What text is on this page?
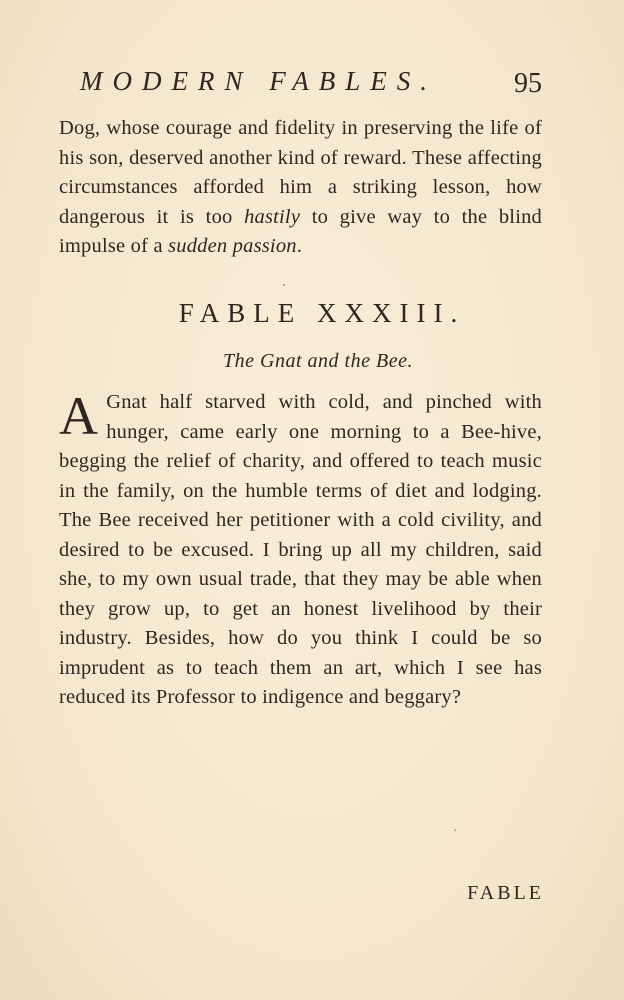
MODERN FABLES.	95

Dog, whose courage and fidelity in preserving the life of his son, deserved another kind of reward. These affecting circumstances afforded him a striking lesson, how dangerous it is too hastily to give way to the blind impulse of a sudden passion.

FABLE XXXIII.
The Gnat and the Bee.

A Gnat half starved with cold, and pinched with hunger, came early one morning to a Bee-hive, begging the relief of charity, and offered to teach music in the family, on the humble terms of diet and lodging. The Bee received her petitioner with a cold civility, and desired to be excused. I bring up all my children, said she, to my own usual trade, that they may be able when they grow up, to get an honest livelihood by their industry. Besides, how do you think I could be so imprudent as to teach them an art, which I see has reduced its Professor to indigence and beggary?

FABLE
